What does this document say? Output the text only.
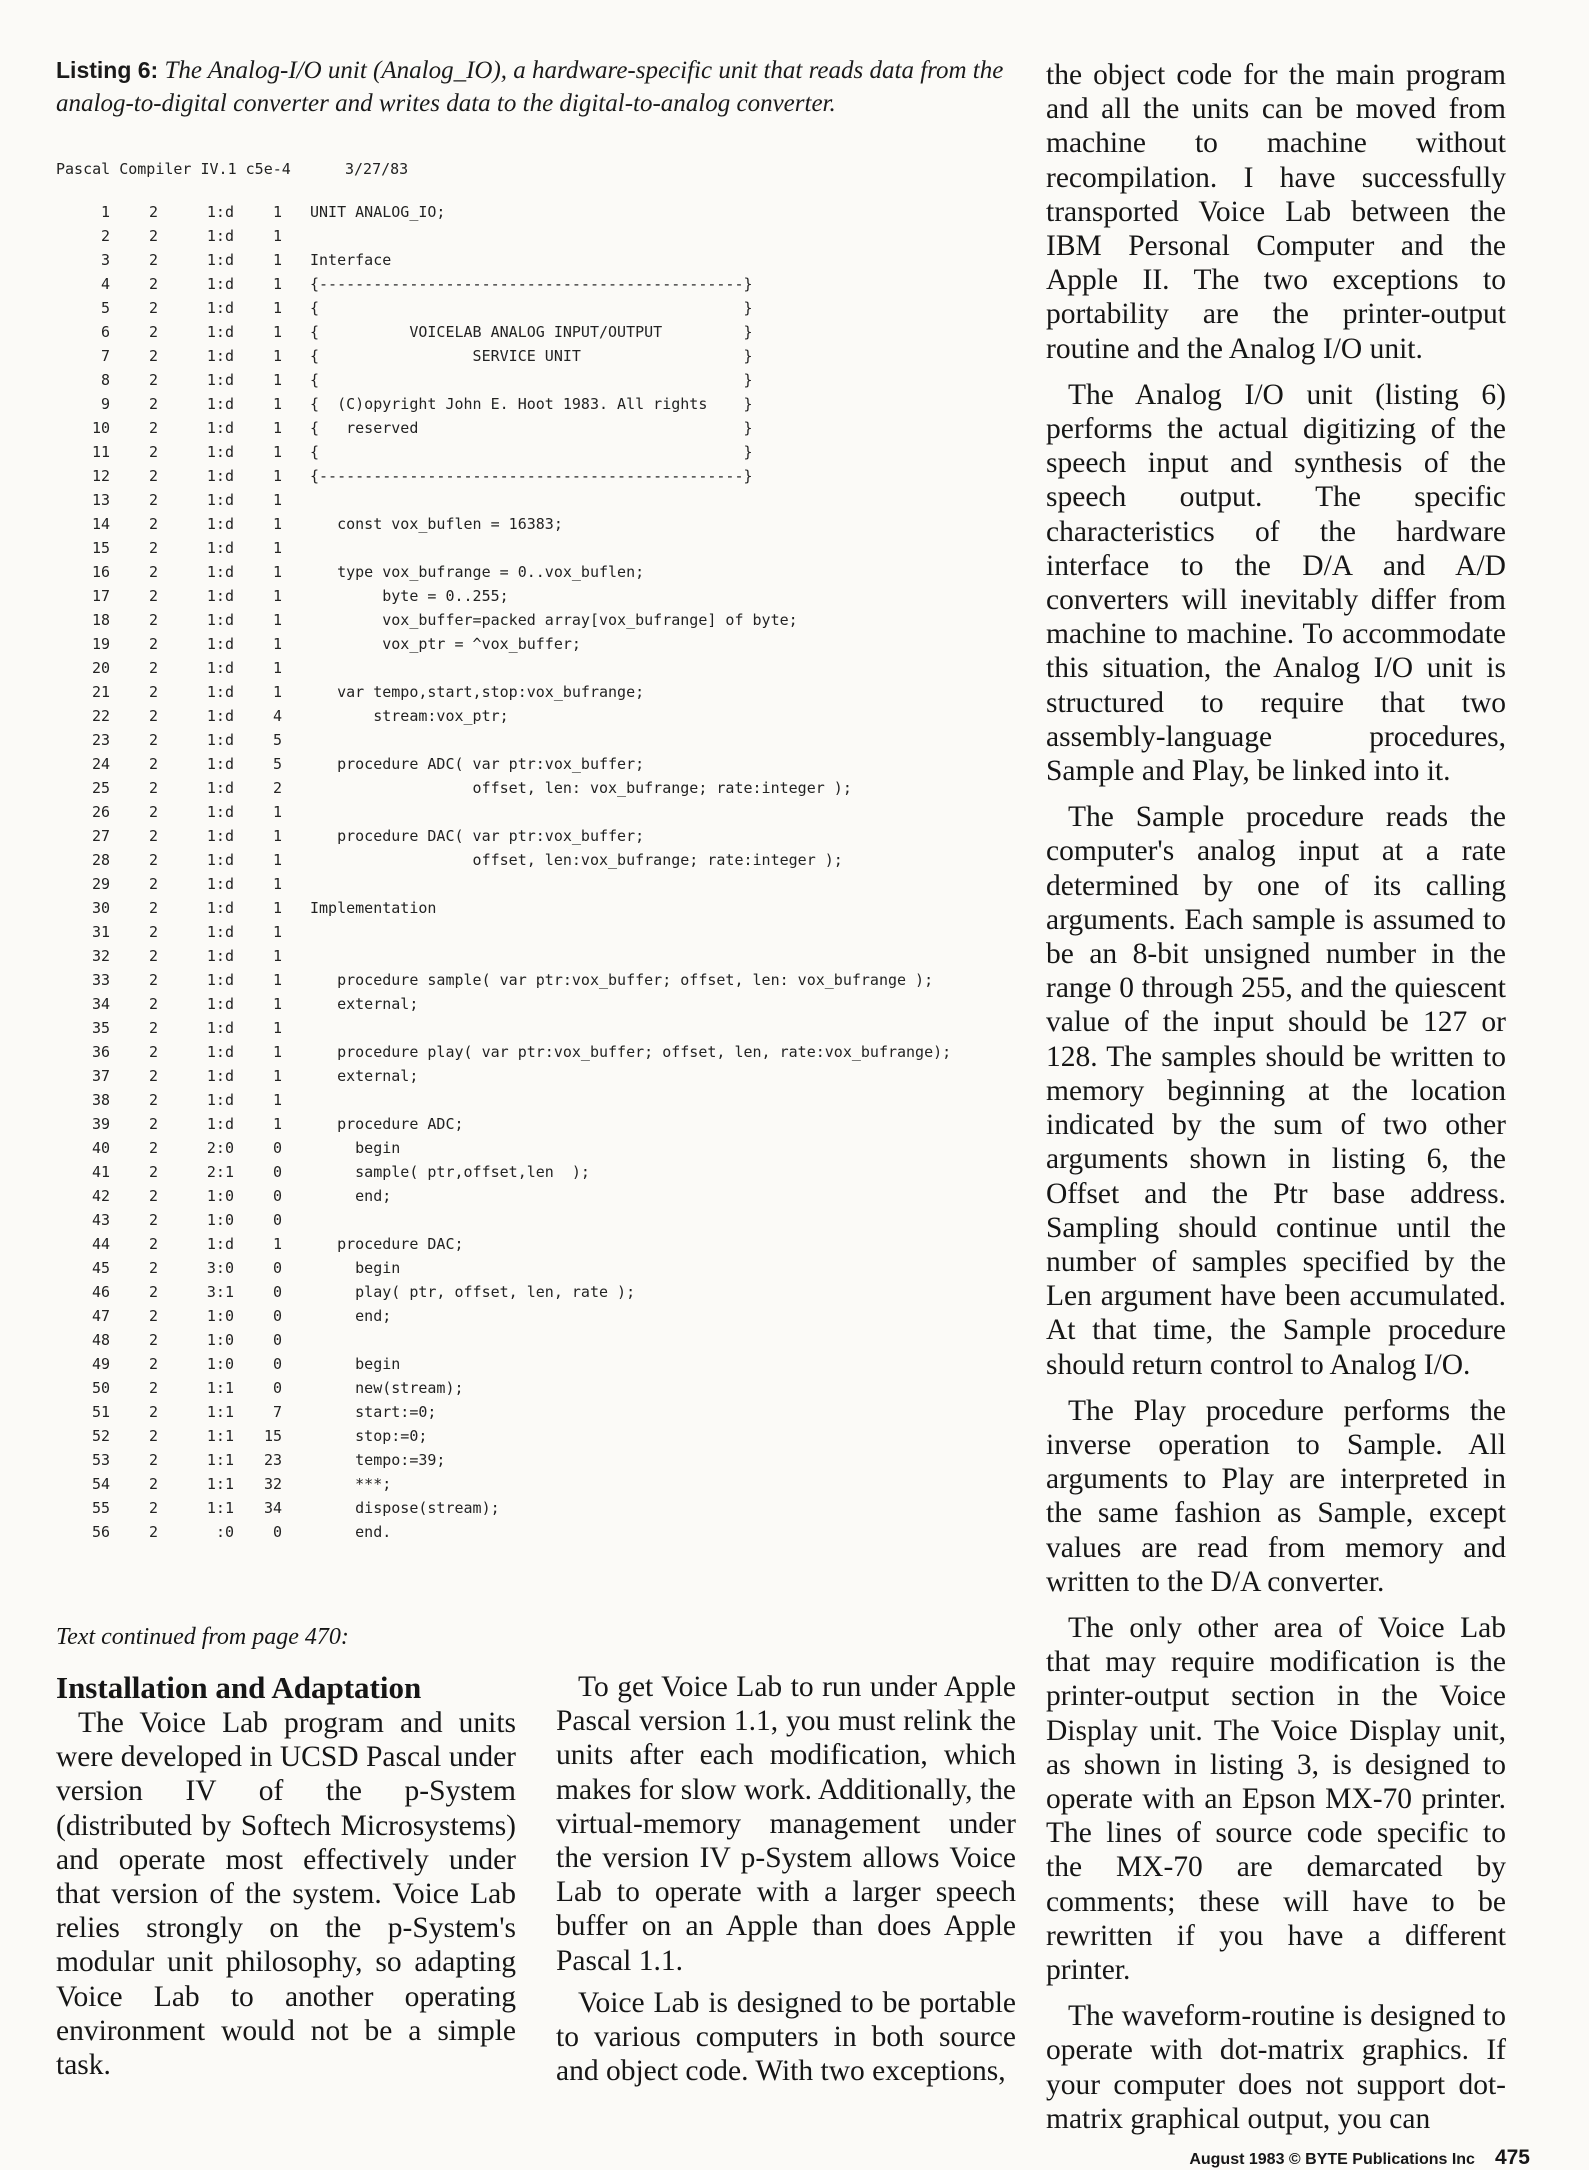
Listing 6: The Analog-I/O unit (Analog_IO), a hardware-specific unit that reads data from the analog-to-digital converter and writes data to the digital-to-analog converter.
Pascal Compiler IV.1 c5e-4      3/27/83
1	2	1:d	1	UNIT ANALOG_IO;
2	2	1:d	1
3	2	1:d	1	Interface
4	2	1:d	1	{-----------------------------------------------}
5	2	1:d	1	{                                               }
6	2	1:d	1	{          VOICELAB ANALOG INPUT/OUTPUT         }
7	2	1:d	1	{                 SERVICE UNIT                  }
8	2	1:d	1	{                                               }
9	2	1:d	1	{  (C)opyright John E. Hoot 1983. All rights    }
10	2	1:d	1	{   reserved                                    }
11	2	1:d	1	{                                               }
12	2	1:d	1	{-----------------------------------------------}
13	2	1:d	1
14	2	1:d	1	const vox_buflen = 16383;
15	2	1:d	1
16	2	1:d	1	type vox_bufrange = 0..vox_buflen;
17	2	1:d	1	byte = 0..255;
18	2	1:d	1	vox_buffer=packed array[vox_bufrange] of byte;
19	2	1:d	1	vox_ptr = ^vox_buffer;
20	2	1:d	1
21	2	1:d	1	var tempo,start,stop:vox_bufrange;
22	2	1:d	4	stream:vox_ptr;
23	2	1:d	5
24	2	1:d	5	procedure ADC( var ptr:vox_buffer;
25	2	1:d	2	offset, len: vox_bufrange; rate:integer );
26	2	1:d	1
27	2	1:d	1	procedure DAC( var ptr:vox_buffer;
28	2	1:d	1	offset, len:vox_bufrange; rate:integer );
29	2	1:d	1
30	2	1:d	1	Implementation
31	2	1:d	1
32	2	1:d	1
33	2	1:d	1	procedure sample( var ptr:vox_buffer; offset, len: vox_bufrange );
34	2	1:d	1	external;
35	2	1:d	1
36	2	1:d	1	procedure play( var ptr:vox_buffer; offset, len, rate:vox_bufrange);
37	2	1:d	1	external;
38	2	1:d	1
39	2	1:d	1	procedure ADC;
40	2	2:0	0	begin
41	2	2:1	0	sample( ptr,offset,len  );
42	2	1:0	0	end;
43	2	1:0	0
44	2	1:d	1	procedure DAC;
45	2	3:0	0	begin
46	2	3:1	0	play( ptr, offset, len, rate );
47	2	1:0	0	end;
48	2	1:0	0
49	2	1:0	0	begin
50	2	1:1	0	new(stream);
51	2	1:1	7	start:=0;
52	2	1:1	15	stop:=0;
53	2	1:1	23	tempo:=39;
54	2	1:1	32	***;
55	2	1:1	34	dispose(stream);
56	2	:0	0	end.

the object code for the main program and all the units can be moved from machine to machine without recompilation. I have successfully transported Voice Lab between the IBM Personal Computer and the Apple II. The two exceptions to portability are the printer-output routine and the Analog I/O unit.

The Analog I/O unit (listing 6) performs the actual digitizing of the speech input and synthesis of the speech output. The specific characteristics of the hardware interface to the D/A and A/D converters will inevitably differ from machine to machine. To accommodate this situation, the Analog I/O unit is structured to require that two assembly-language procedures, Sample and Play, be linked into it.

The Sample procedure reads the computer's analog input at a rate determined by one of its calling arguments. Each sample is assumed to be an 8-bit unsigned number in the range 0 through 255, and the quiescent value of the input should be 127 or 128. The samples should be written to memory beginning at the location indicated by the sum of two other arguments shown in listing 6, the Offset and the Ptr base address. Sampling should continue until the number of samples specified by the Len argument have been accumulated. At that time, the Sample procedure should return control to Analog I/O.

The Play procedure performs the inverse operation to Sample. All arguments to Play are interpreted in the same fashion as Sample, except values are read from memory and written to the D/A converter.

The only other area of Voice Lab that may require modification is the printer-output section in the Voice Display unit. The Voice Display unit, as shown in listing 3, is designed to operate with an Epson MX-70 printer. The lines of source code specific to the MX-70 are demarcated by comments; these will have to be rewritten if you have a different printer.

The waveform-routine is designed to operate with dot-matrix graphics. If your computer does not support dot-matrix graphical output, you can

Text continued from page 470:
Installation and Adaptation

The Voice Lab program and units were developed in UCSD Pascal under version IV of the p-System (distributed by Softech Microsystems) and operate most effectively under that version of the system. Voice Lab relies strongly on the p-System's modular unit philosophy, so adapting Voice Lab to another operating environment would not be a simple task.

To get Voice Lab to run under Apple Pascal version 1.1, you must relink the units after each modification, which makes for slow work. Additionally, the virtual-memory management under the version IV p-System allows Voice Lab to operate with a larger speech buffer on an Apple than does Apple Pascal 1.1.

Voice Lab is designed to be portable to various computers in both source and object code. With two exceptions,

August 1983 © BYTE Publications Inc 475
